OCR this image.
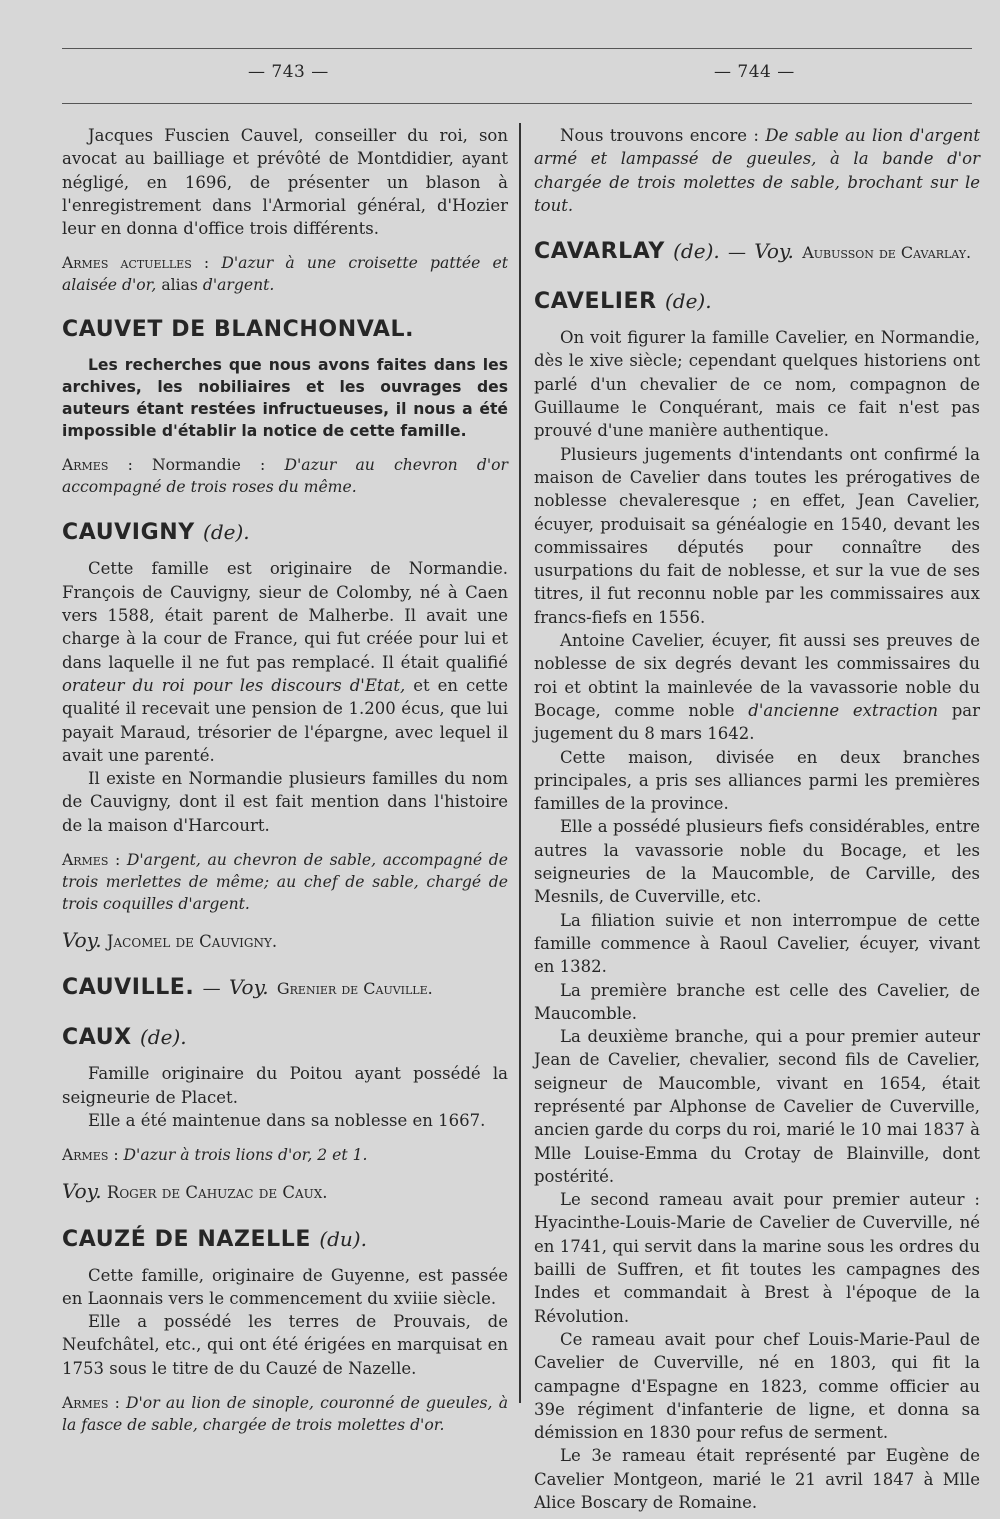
— 743 —	— 744 —

Jacques Fuscien Cauvel, conseiller du roi, son avocat au bailliage et prévôté de Montdidier, ayant négligé, en 1696, de présenter un blason à l'enregistrement dans l'Armorial général, d'Hozier leur en donna d'office trois différents.

Armes actuelles : D'azur à une croisette pattée et alaisée d'or, alias d'argent.

CAUVET DE BLANCHONVAL.

Les recherches que nous avons faites dans les archives, les nobiliaires et les ouvrages des auteurs étant restées infructueuses, il nous a été impossible d'établir la notice de cette famille.

Armes : Normandie : D'azur au chevron d'or accompagné de trois roses du même.

CAUVIGNY (de).

Cette famille est originaire de Normandie. François de Cauvigny, sieur de Colomby, né à Caen vers 1588, était parent de Malherbe. Il avait une charge à la cour de France, qui fut créée pour lui et dans laquelle il ne fut pas remplacé. Il était qualifié orateur du roi pour les discours d'Etat, et en cette qualité il recevait une pension de 1.200 écus, que lui payait Maraud, trésorier de l'épargne, avec lequel il avait une parenté.

Il existe en Normandie plusieurs familles du nom de Cauvigny, dont il est fait mention dans l'histoire de la maison d'Harcourt.

Armes : D'argent, au chevron de sable, accompagné de trois merlettes de même; au chef de sable, chargé de trois coquilles d'argent.

Voy. Jacomel de Cauvigny.

CAUVILLE. — Voy. Grenier de Cauville.
CAUX (de).

Famille originaire du Poitou ayant possédé la seigneurie de Placet.

Elle a été maintenue dans sa noblesse en 1667.

Armes : D'azur à trois lions d'or, 2 et 1.

Voy. Roger de Cahuzac de Caux.

CAUZÉ DE NAZELLE (du).

Cette famille, originaire de Guyenne, est passée en Laonnais vers le commencement du xviiie siècle.

Elle a possédé les terres de Prouvais, de Neufchâtel, etc., qui ont été érigées en marquisat en 1753 sous le titre de du Cauzé de Nazelle.

Armes : D'or au lion de sinople, couronné de gueules, à la fasce de sable, chargée de trois molettes d'or.

Nous trouvons encore : De sable au lion d'argent armé et lampassé de gueules, à la bande d'or chargée de trois molettes de sable, brochant sur le tout.

CAVARLAY (de). — Voy. Aubusson de Cavarlay.
CAVELIER (de).

On voit figurer la famille Cavelier, en Normandie, dès le xive siècle; cependant quelques historiens ont parlé d'un chevalier de ce nom, compagnon de Guillaume le Conquérant, mais ce fait n'est pas prouvé d'une manière authentique.

Plusieurs jugements d'intendants ont confirmé la maison de Cavelier dans toutes les prérogatives de noblesse chevaleresque ; en effet, Jean Cavelier, écuyer, produisait sa généalogie en 1540, devant les commissaires députés pour connaître des usurpations du fait de noblesse, et sur la vue de ses titres, il fut reconnu noble par les commissaires aux francs-fiefs en 1556.

Antoine Cavelier, écuyer, fit aussi ses preuves de noblesse de six degrés devant les commissaires du roi et obtint la mainlevée de la vavassorie noble du Bocage, comme noble d'ancienne extraction par jugement du 8 mars 1642.

Cette maison, divisée en deux branches principales, a pris ses alliances parmi les premières familles de la province.

Elle a possédé plusieurs fiefs considérables, entre autres la vavassorie noble du Bocage, et les seigneuries de la Maucomble, de Carville, des Mesnils, de Cuverville, etc.

La filiation suivie et non interrompue de cette famille commence à Raoul Cavelier, écuyer, vivant en 1382.

La première branche est celle des Cavelier, de Maucomble.

La deuxième branche, qui a pour premier auteur Jean de Cavelier, chevalier, second fils de Cavelier, seigneur de Maucomble, vivant en 1654, était représenté par Alphonse de Cavelier de Cuverville, ancien garde du corps du roi, marié le 10 mai 1837 à Mlle Louise-Emma du Crotay de Blainville, dont postérité.

Le second rameau avait pour premier auteur : Hyacinthe-Louis-Marie de Cavelier de Cuverville, né en 1741, qui servit dans la marine sous les ordres du bailli de Suffren, et fit toutes les campagnes des Indes et commandait à Brest à l'époque de la Révolution.

Ce rameau avait pour chef Louis-Marie-Paul de Cavelier de Cuverville, né en 1803, qui fit la campagne d'Espagne en 1823, comme officier au 39e régiment d'infanterie de ligne, et donna sa démission en 1830 pour refus de serment.

Le 3e rameau était représenté par Eugène de Cavelier Montgeon, marié le 21 avril 1847 à Mlle Alice Boscary de Romaine.
